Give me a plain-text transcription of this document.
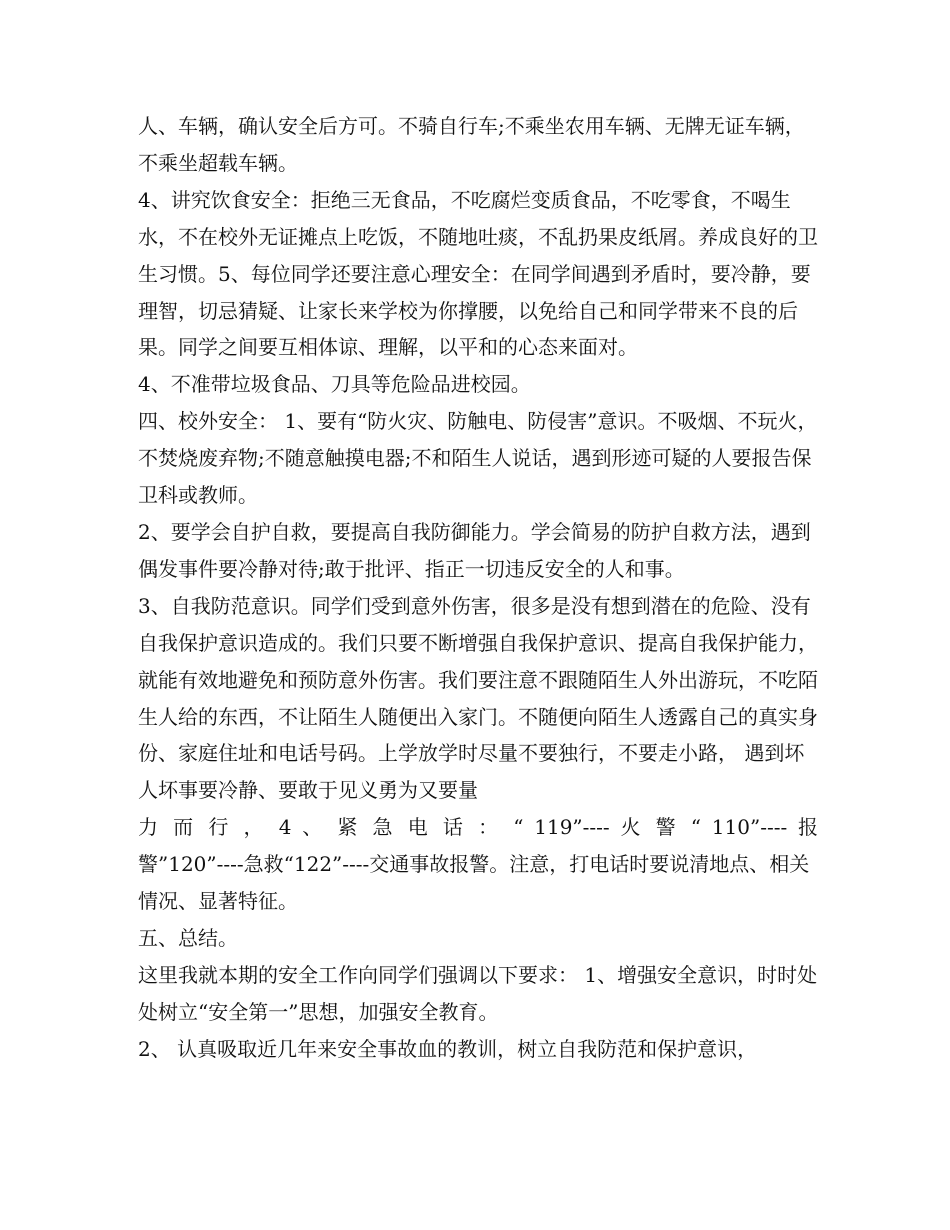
人、车辆，确认安全后方可。不骑自行车;不乘坐农用车辆、无牌无证车辆，不乘坐超载车辆。

4、讲究饮食安全：拒绝三无食品，不吃腐烂变质食品，不吃零食，不喝生水，不在校外无证摊点上吃饭，不随地吐痰，不乱扔果皮纸屑。养成良好的卫生习惯。5、每位同学还要注意心理安全：在同学间遇到矛盾时，要冷静，要理智，切忌猜疑、让家长来学校为你撑腰，以免给自己和同学带来不良的后果。同学之间要互相体谅、理解，以平和的心态来面对。

4、不准带垃圾食品、刀具等危险品进校园。

四、校外安全： 1、要有“防火灾、防触电、防侵害”意识。不吸烟、不玩火，不焚烧废弃物;不随意触摸电器;不和陌生人说话，遇到形迹可疑的人要报告保卫科或教师。

2、要学会自护自救，要提高自我防御能力。学会简易的防护自救方法，遇到偶发事件要冷静对待;敢于批评、指正一切违反安全的人和事。

3、自我防范意识。同学们受到意外伤害，很多是没有想到潜在的危险、没有自我保护意识造成的。我们只要不断增强自我保护意识、提高自我保护能力，就能有效地避免和预防意外伤害。我们要注意不跟随陌生人外出游玩，不吃陌生人给的东西，不让陌生人随便出入家门。不随便向陌生人透露自己的真实身份、家庭住址和电话号码。上学放学时尽量不要独行，不要走小路， 遇到坏人坏事要冷静、要敢于见义勇为又要量

力 而 行 ， 4 、 紧 急 电 话 ： “ 119”---- 火 警 “ 110”---- 报

警”120”----急救“122”----交通事故报警。注意，打电话时要说清地点、相关情况、显著特征。

五、总结。

这里我就本期的安全工作向同学们强调以下要求： 1、增强安全意识，时时处处树立“安全第一”思想，加强安全教育。

2、 认真吸取近几年来安全事故血的教训，树立自我防范和保护意识，
